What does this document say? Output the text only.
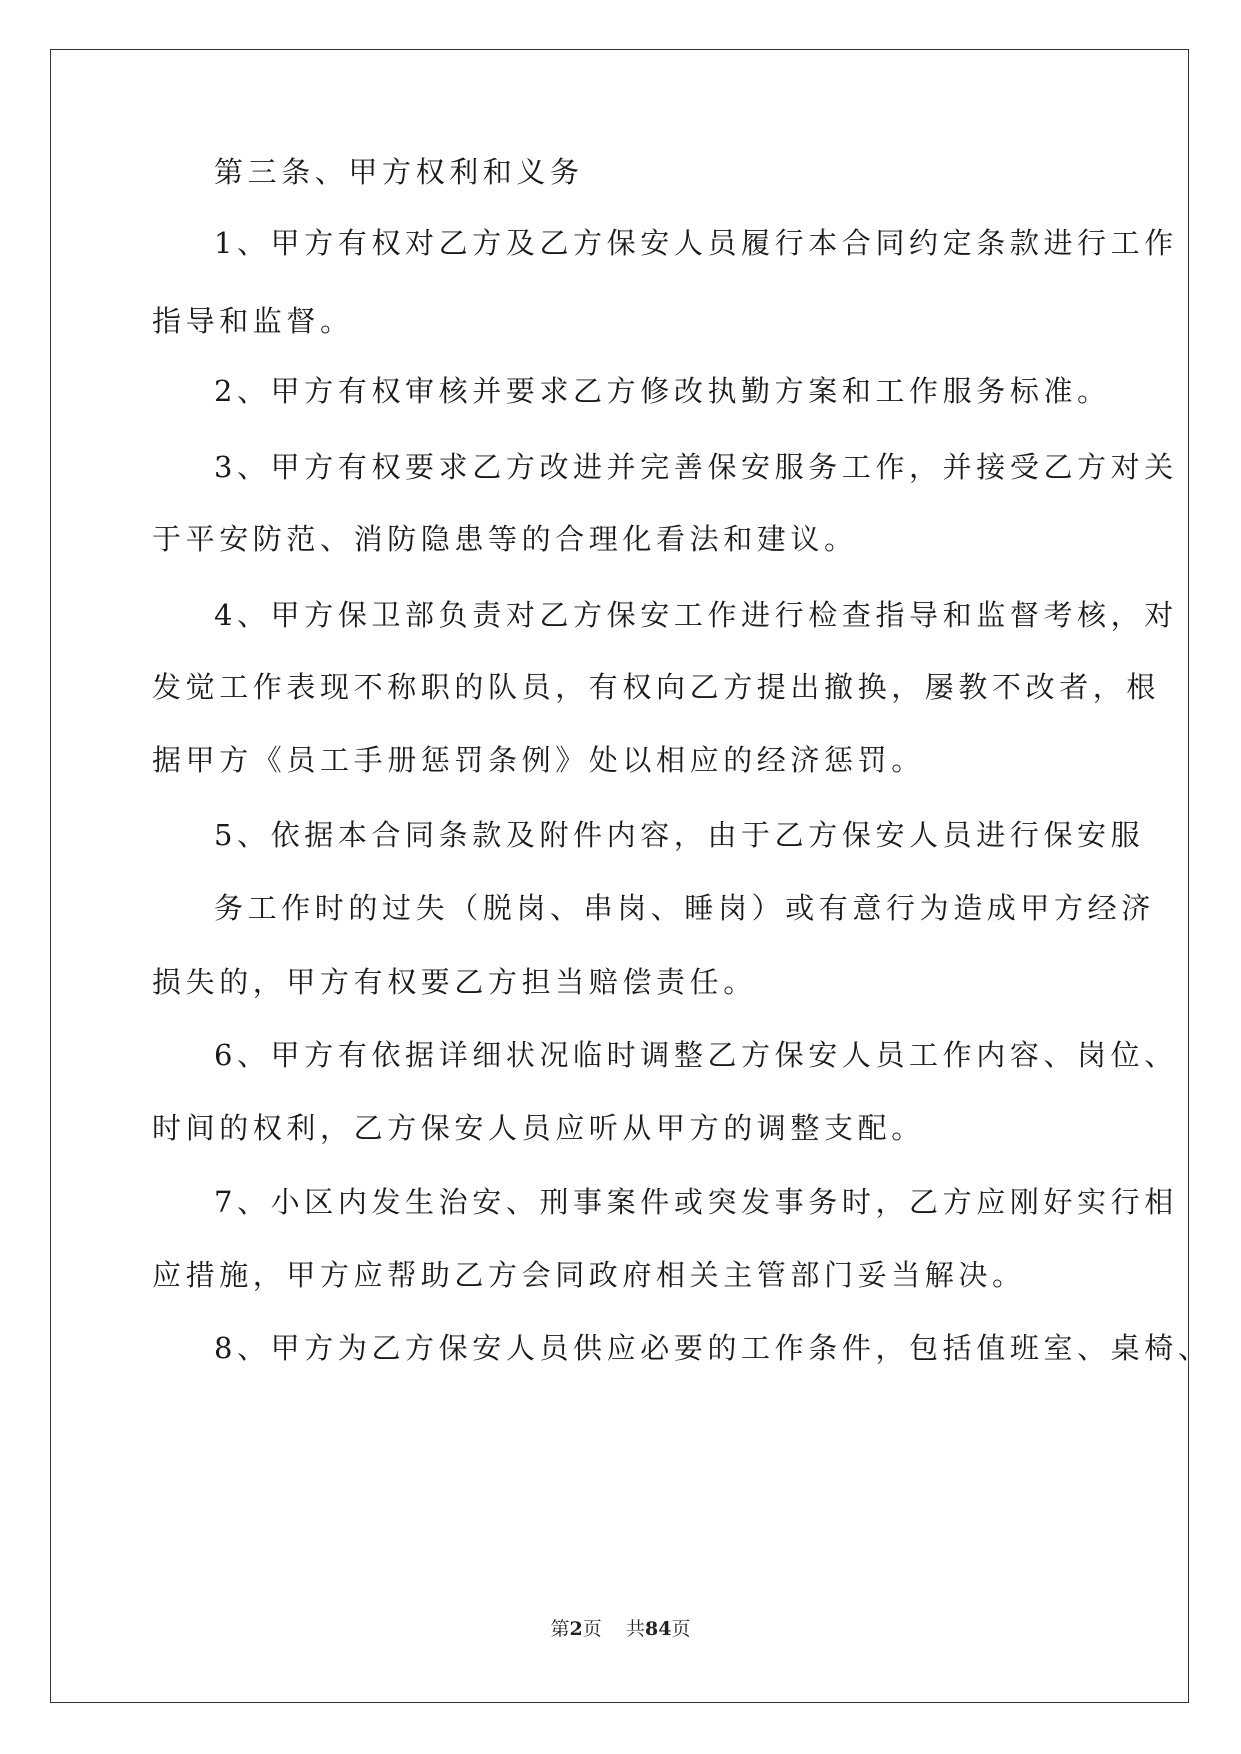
第三条、甲方权利和义务
1、甲方有权对乙方及乙方保安人员履行本合同约定条款进行工作
指导和监督。
2、甲方有权审核并要求乙方修改执勤方案和工作服务标准。
3、甲方有权要求乙方改进并完善保安服务工作，并接受乙方对关
于平安防范、消防隐患等的合理化看法和建议。
4、甲方保卫部负责对乙方保安工作进行检查指导和监督考核，对
发觉工作表现不称职的队员，有权向乙方提出撤换，屡教不改者，根
据甲方《员工手册惩罚条例》处以相应的经济惩罚。
5、依据本合同条款及附件内容，由于乙方保安人员进行保安服
务工作时的过失（脱岗、串岗、睡岗）或有意行为造成甲方经济
损失的，甲方有权要乙方担当赔偿责任。
6、甲方有依据详细状况临时调整乙方保安人员工作内容、岗位、
时间的权利，乙方保安人员应听从甲方的调整支配。
7、小区内发生治安、刑事案件或突发事务时，乙方应刚好实行相
应措施，甲方应帮助乙方会同政府相关主管部门妥当解决。
8、甲方为乙方保安人员供应必要的工作条件，包括值班室、桌椅、
第2页 共84页
